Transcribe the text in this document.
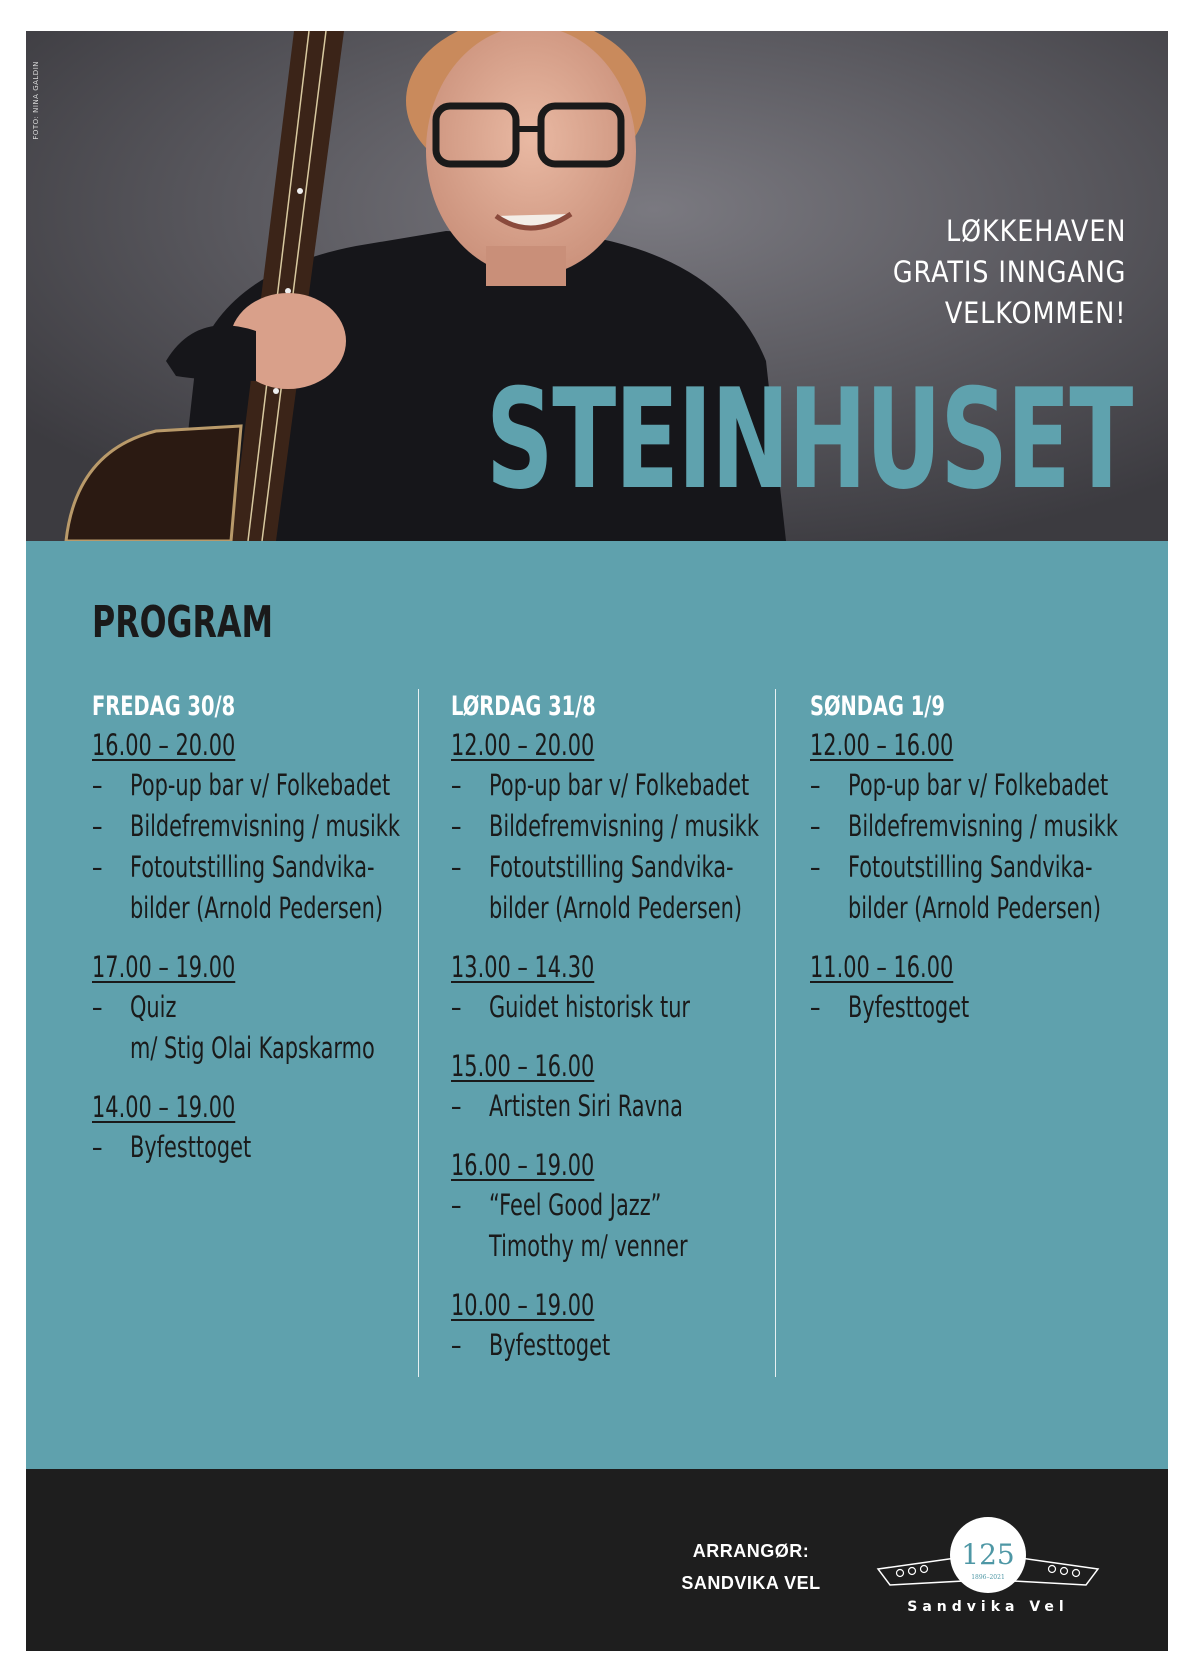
FOTO: NINA GALDIN
LØKKEHAVEN
GRATIS INNGANG
VELKOMMEN!
STEINHUSET
PROGRAM
FREDAG 30/8
16.00 – 20.00
– Pop-up bar v/ Folkebadet
– Bildefremvisning / musikk
– Fotoutstilling Sandvika-
bilder (Arnold Pedersen)
17.00 – 19.00
– Quiz
m/ Stig Olai Kapskarmo
14.00 – 19.00
– Byfesttoget
LØRDAG 31/8
12.00 – 20.00
– Pop-up bar v/ Folkebadet
– Bildefremvisning / musikk
– Fotoutstilling Sandvika-
bilder (Arnold Pedersen)
13.00 – 14.30
– Guidet historisk tur
15.00 – 16.00
– Artisten Siri Ravna
16.00 – 19.00
– “Feel Good Jazz”
Timothy m/ venner
10.00 – 19.00
– Byfesttoget
SØNDAG 1/9
12.00 – 16.00
– Pop-up bar v/ Folkebadet
– Bildefremvisning / musikk
– Fotoutstilling Sandvika-
bilder (Arnold Pedersen)
11.00 – 16.00
– Byfesttoget
ARRANGØR:
SANDVIKA VEL
125
1896–2021
Sandvika Vel
